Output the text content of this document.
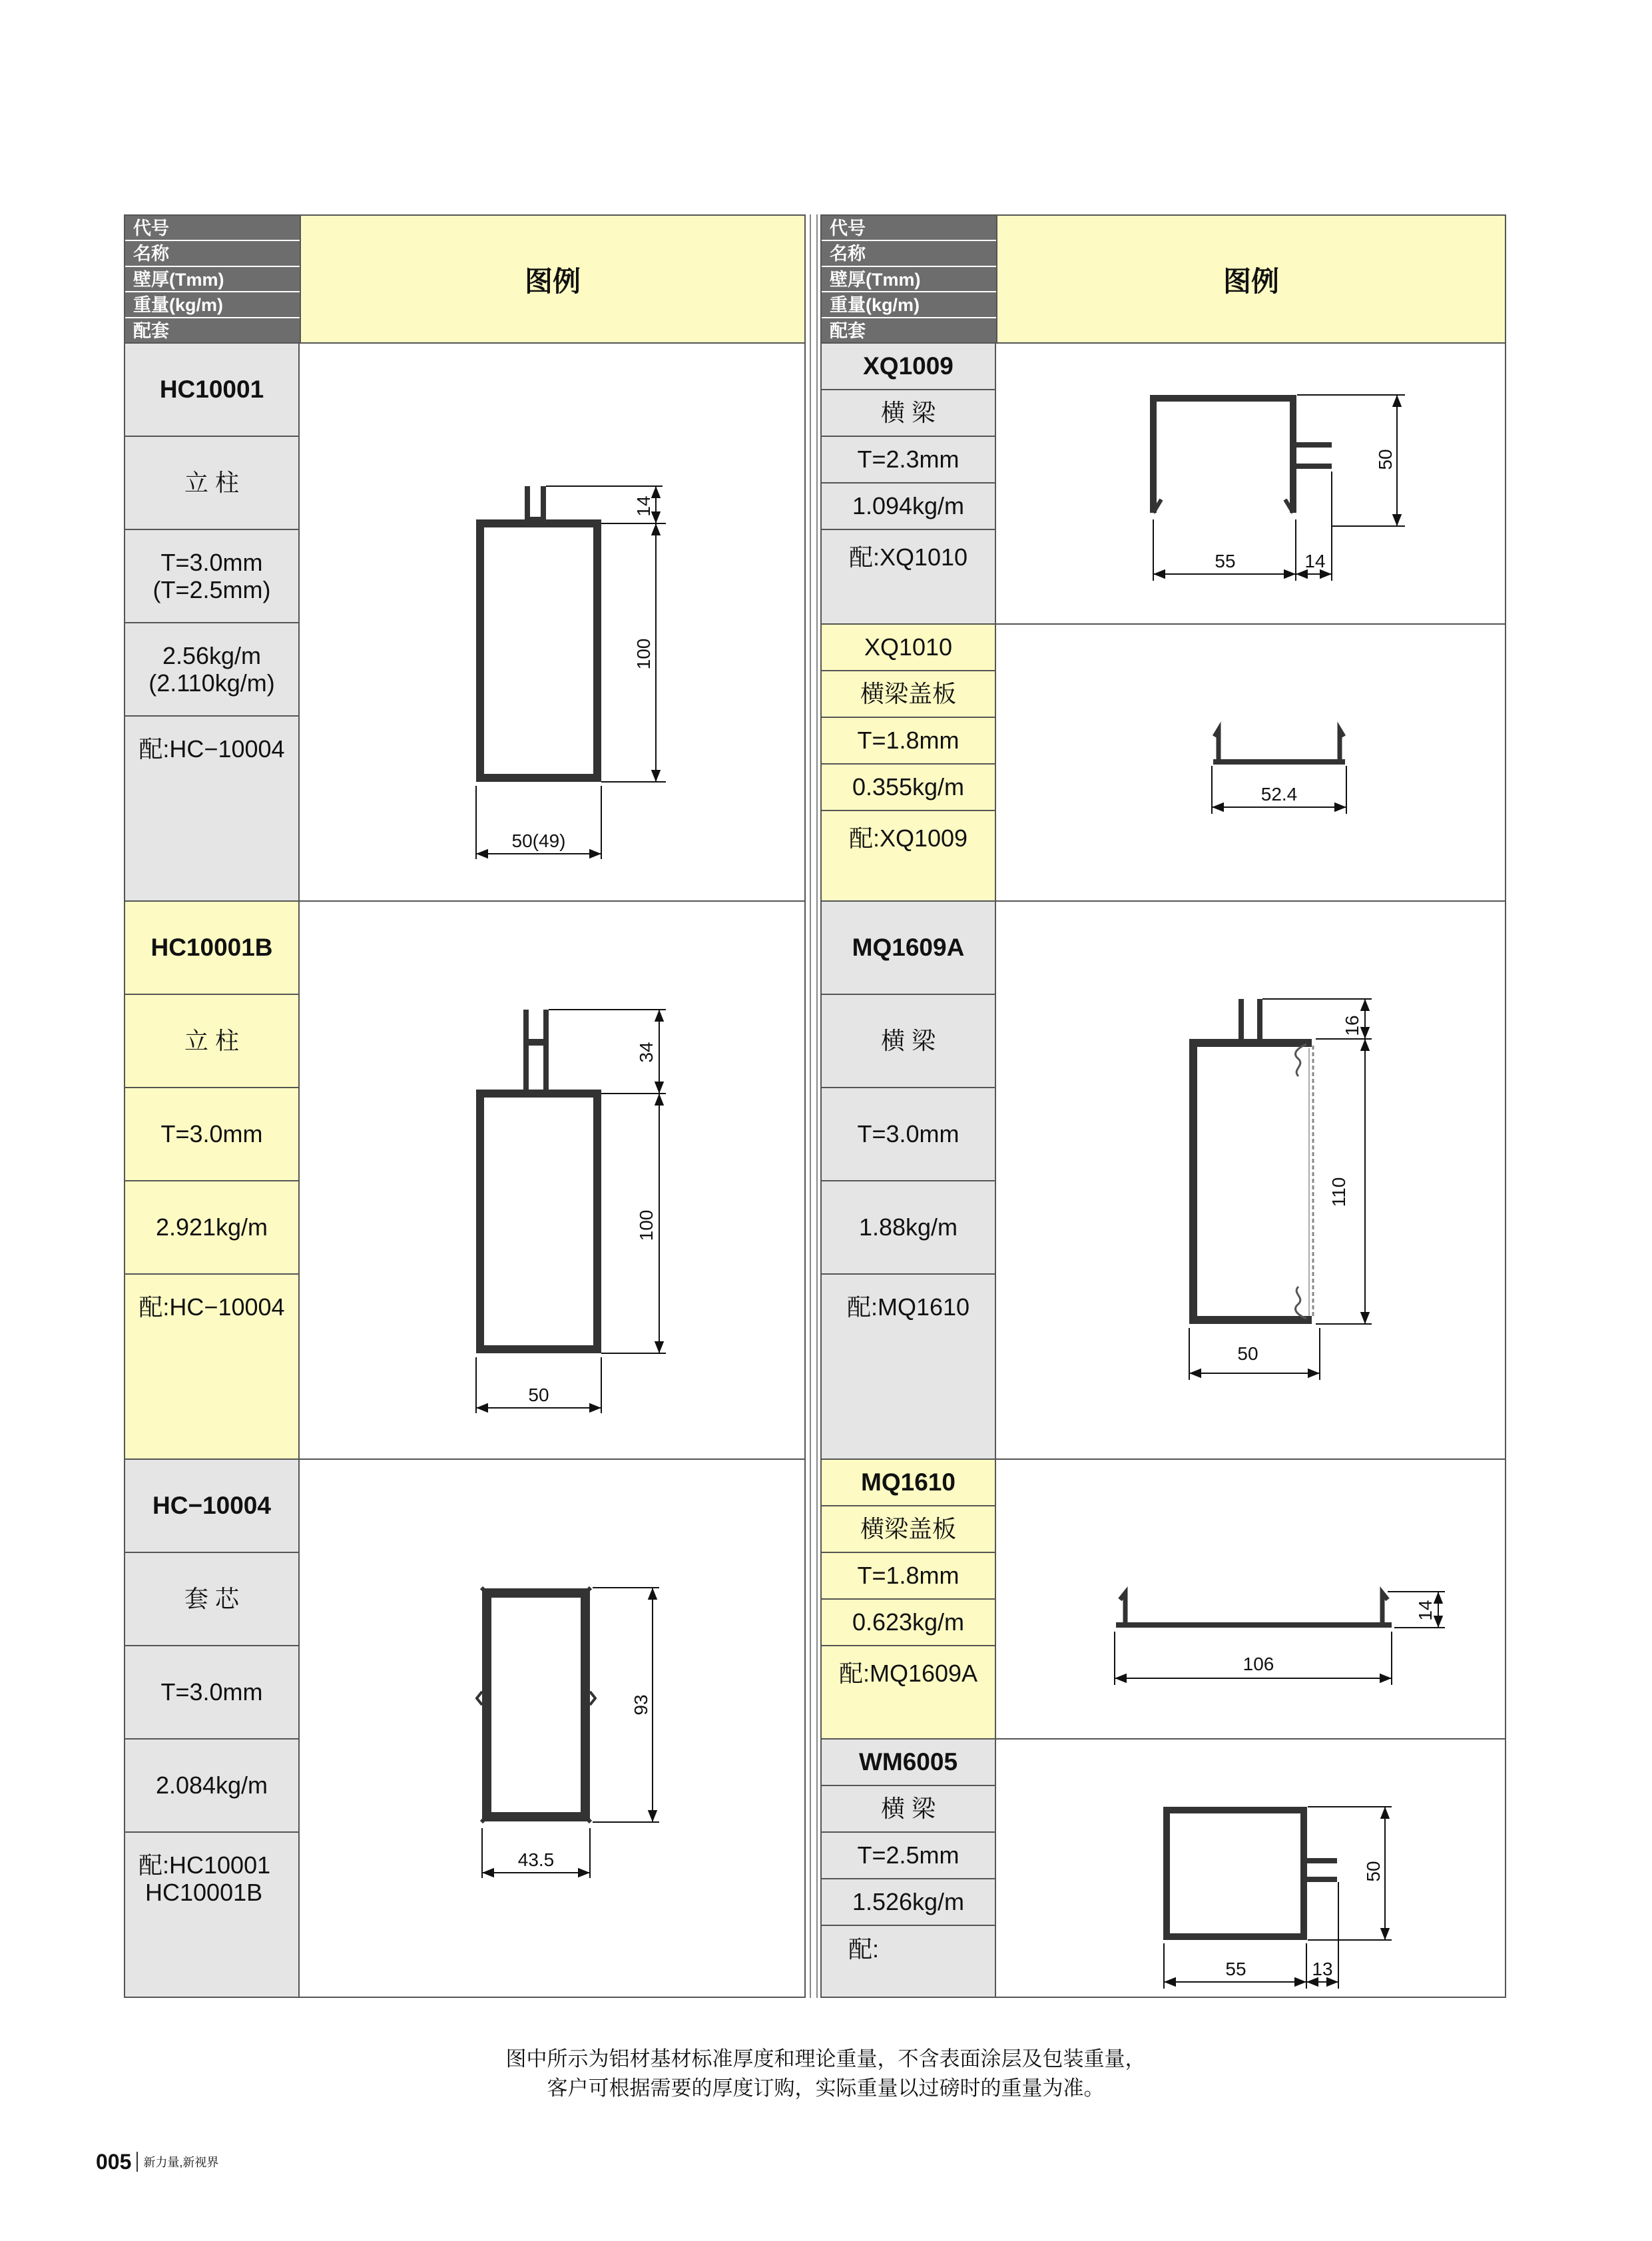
代号
名称
壁厚(Tmm)
重量(kg/m)
配套
图例
代号
名称
壁厚(Tmm)
重量(kg/m)
配套
图例
HC10001
立 柱
T=3.0mm
(T=2.5mm)
2.56kg/m
(2.110kg/m)
配:HC−10004
HC10001B
立 柱
T=3.0mm
2.921kg/m
配:HC−10004
HC−10004
套 芯
T=3.0mm
2.084kg/m
配:HC10001
HC10001B
XQ1009
横 梁
T=2.3mm
1.094kg/m
配:XQ1010
XQ1010
横梁盖板
T=1.8mm
0.355kg/m
配:XQ1009
MQ1609A
横 梁
T=3.0mm
1.88kg/m
配:MQ1610
MQ1610
横梁盖板
T=1.8mm
0.623kg/m
配:MQ1609A
WM6005
横 梁
T=2.5mm
1.526kg/m
配:
14
100
50(49)
34
100
50
93
43.5
50
55	14
52.4
16
110
50
14
106
50
55	13
图中所示为铝材基材标准厚度和理论重量，不含表面涂层及包装重量，
客户可根据需要的厚度订购，实际重量以过磅时的重量为准。
005 新力量,新视界
